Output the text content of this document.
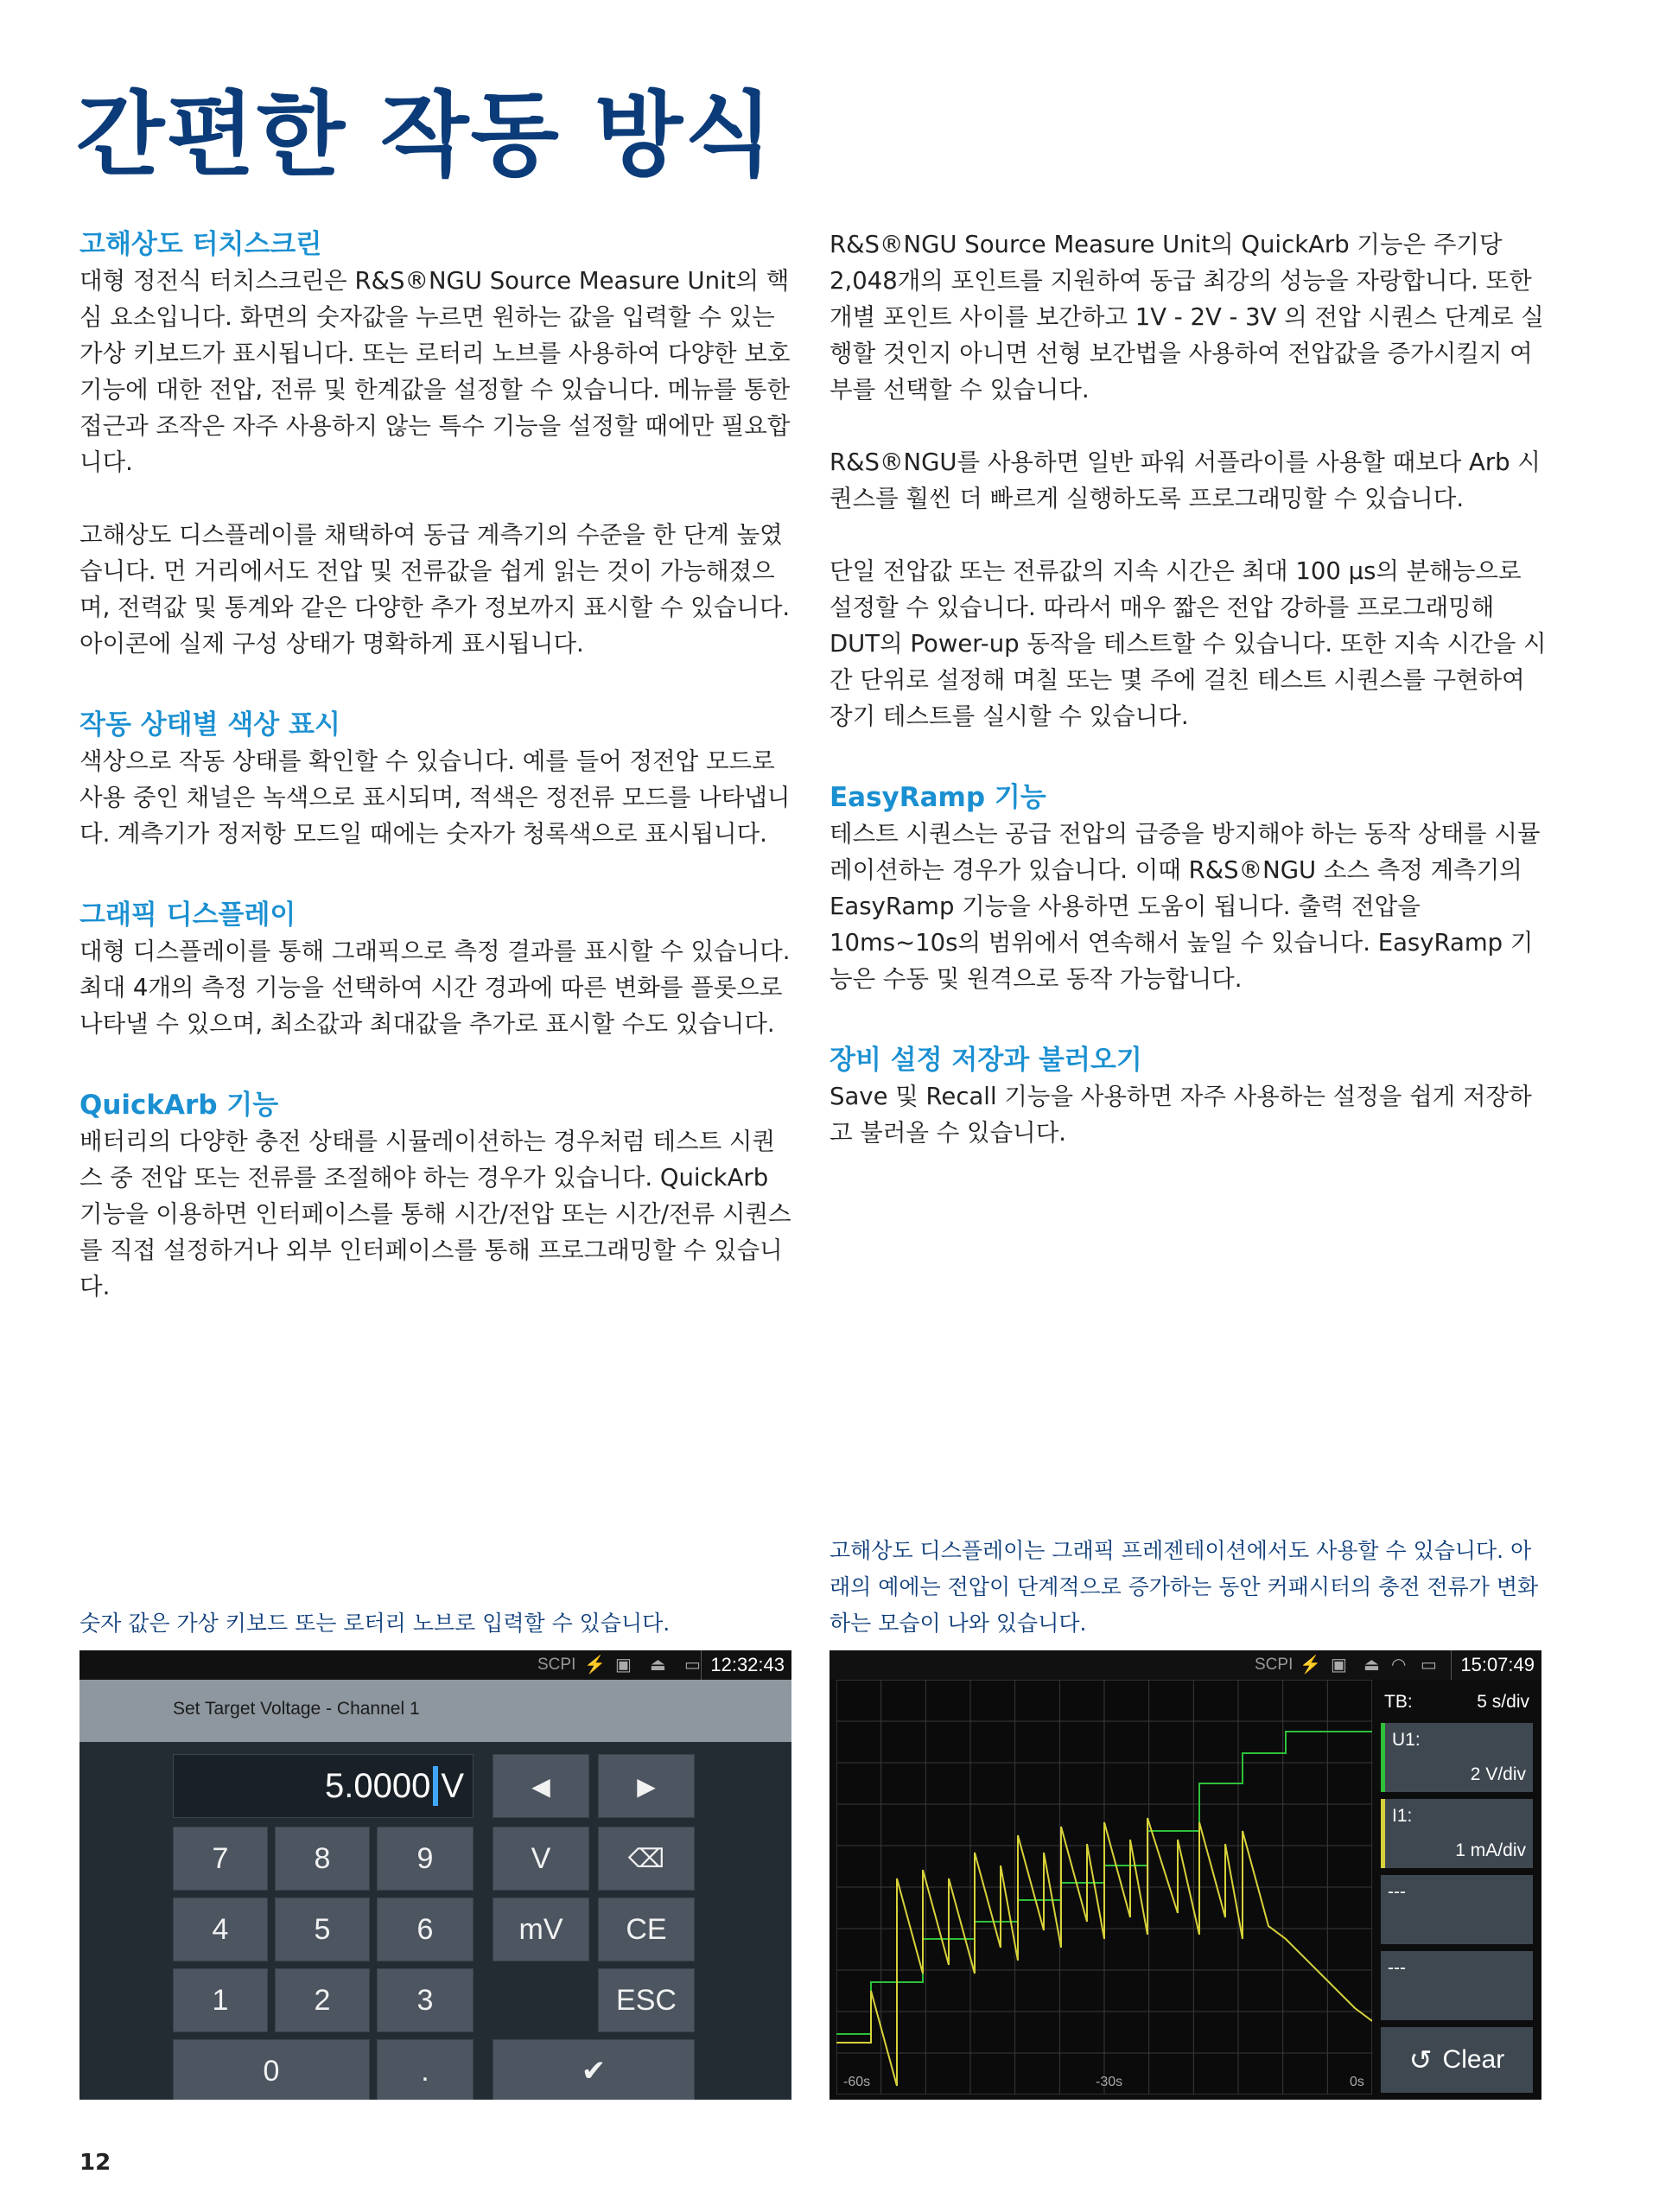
간편한 작동 방식
고해상도 터치스크린

대형 정전식 터치스크린은 R&S®NGU Source Measure Unit의 핵심 요소입니다. 화면의 숫자값을 누르면 원하는 값을 입력할 수 있는 가상 키보드가 표시됩니다. 또는 로터리 노브를 사용하여 다양한 보호 기능에 대한 전압, 전류 및 한계값을 설정할 수 있습니다. 메뉴를 통한 접근과 조작은 자주 사용하지 않는 특수 기능을 설정할 때에만 필요합니다.

고해상도 디스플레이를 채택하여 동급 계측기의 수준을 한 단계 높였습니다. 먼 거리에서도 전압 및 전류값을 쉽게 읽는 것이 가능해졌으며, 전력값 및 통계와 같은 다양한 추가 정보까지 표시할 수 있습니다. 아이콘에 실제 구성 상태가 명확하게 표시됩니다.

작동 상태별 색상 표시

색상으로 작동 상태를 확인할 수 있습니다. 예를 들어 정전압 모드로 사용 중인 채널은 녹색으로 표시되며, 적색은 정전류 모드를 나타냅니다. 계측기가 정저항 모드일 때에는 숫자가 청록색으로 표시됩니다.

그래픽 디스플레이

대형 디스플레이를 통해 그래픽으로 측정 결과를 표시할 수 있습니다. 최대 4개의 측정 기능을 선택하여 시간 경과에 따른 변화를 플롯으로 나타낼 수 있으며, 최소값과 최대값을 추가로 표시할 수도 있습니다.

QuickArb 기능

배터리의 다양한 충전 상태를 시뮬레이션하는 경우처럼 테스트 시퀀스 중 전압 또는 전류를 조절해야 하는 경우가 있습니다. QuickArb 기능을 이용하면 인터페이스를 통해 시간/전압 또는 시간/전류 시퀀스를 직접 설정하거나 외부 인터페이스를 통해 프로그래밍할 수 있습니다.

R&S®NGU Source Measure Unit의 QuickArb 기능은 주기당 2,048개의 포인트를 지원하여 동급 최강의 성능을 자랑합니다. 또한 개별 포인트 사이를 보간하고 1V - 2V - 3V 의 전압 시퀀스 단계로 실행할 것인지 아니면 선형 보간법을 사용하여 전압값을 증가시킬지 여부를 선택할 수 있습니다.

R&S®NGU를 사용하면 일반 파워 서플라이를 사용할 때보다 Arb 시퀀스를 훨씬 더 빠르게 실행하도록 프로그래밍할 수 있습니다.

단일 전압값 또는 전류값의 지속 시간은 최대 100 µs의 분해능으로 설정할 수 있습니다. 따라서 매우 짧은 전압 강하를 프로그래밍해 DUT의 Power-up 동작을 테스트할 수 있습니다. 또한 지속 시간을 시간 단위로 설정해 며칠 또는 몇 주에 걸친 테스트 시퀀스를 구현하여 장기 테스트를 실시할 수 있습니다.

EasyRamp 기능

테스트 시퀀스는 공급 전압의 급증을 방지해야 하는 동작 상태를 시뮬레이션하는 경우가 있습니다. 이때 R&S®NGU 소스 측정 계측기의 EasyRamp 기능을 사용하면 도움이 됩니다. 출력 전압을 10ms~10s의 범위에서 연속해서 높일 수 있습니다. EasyRamp 기능은 수동 및 원격으로 동작 가능합니다.

장비 설정 저장과 불러오기

Save 및 Recall 기능을 사용하면 자주 사용하는 설정을 쉽게 저장하고 불러올 수 있습니다.

고해상도 디스플레이는 그래픽 프레젠테이션에서도 사용할 수 있습니다. 아래의 예에는 전압이 단계적으로 증가하는 동안 커패시터의 충전 전류가 변화하는 모습이 나와 있습니다.

숫자 값은 가상 키보드 또는 로터리 노브로 입력할 수 있습니다.

SCPI ⚡ ▣ ⏏ ▭ 12:32:43
Set Target Voltage - Channel 1
5.0000 V	◀	▶
7	8	9	V	⌫
4	5	6	mV	CE
1	2	3	ESC
0	.	✔
SCPI ⚡ ▣ ⏏ ◠ ▭	15:07:49
-60s	-30s	0s
TB:	5 s/div
U1:
2 V/div
I1:
1 mA/div
---
---
↺ Clear
12
